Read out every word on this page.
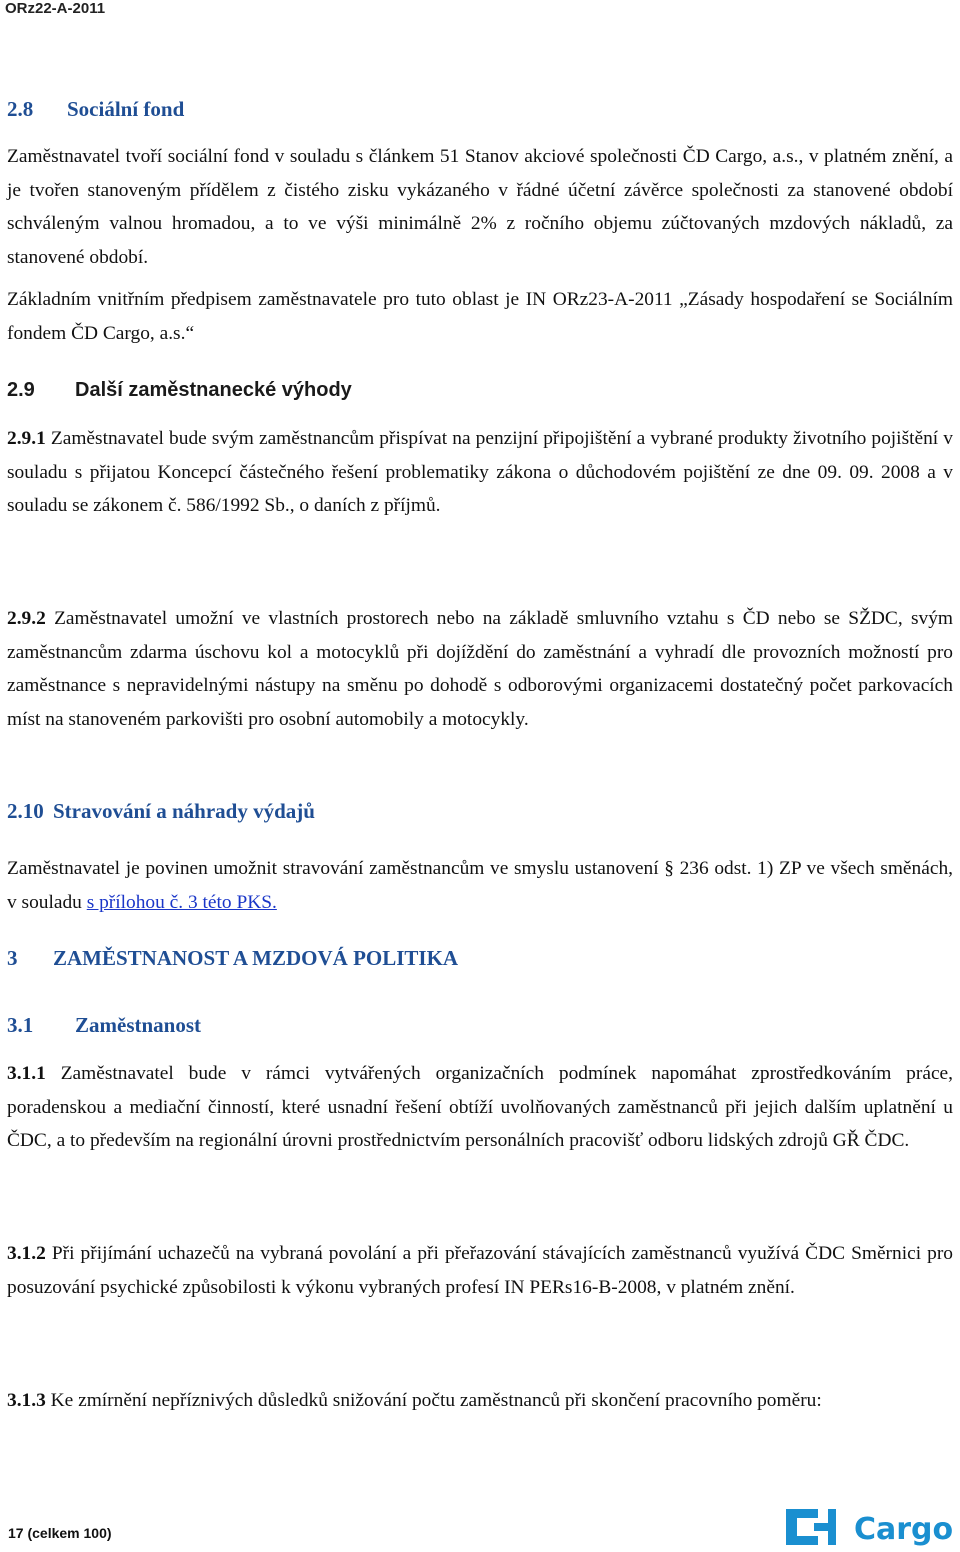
ORz22-A-2011
2.8 Sociální fond

Zaměstnavatel tvoří sociální fond v souladu s článkem 51 Stanov akciové společnosti ČD Cargo, a.s., v platném znění, a je tvořen stanoveným přídělem z čistého zisku vykázaného v řádné účetní závěrce společnosti za stanovené období schváleným valnou hromadou, a to ve výši minimálně 2% z ročního objemu zúčtovaných mzdových nákladů, za stanovené období.

Základním vnitřním předpisem zaměstnavatele pro tuto oblast je IN ORz23-A-2011 „Zásady hospodaření se Sociálním fondem ČD Cargo, a.s.“

2.9 Další zaměstnanecké výhody

2.9.1 Zaměstnavatel bude svým zaměstnancům přispívat na penzijní připojištění a vybrané produkty životního pojištění v souladu s přijatou Koncepcí částečného řešení problematiky zákona o důchodovém pojištění ze dne 09. 09. 2008 a v souladu se zákonem č. 586/1992 Sb., o daních z příjmů.

2.9.2 Zaměstnavatel umožní ve vlastních prostorech nebo na základě smluvního vztahu s ČD nebo se SŽDC, svým zaměstnancům zdarma úschovu kol a motocyklů při dojíždění do zaměstnání a vyhradí dle provozních možností pro zaměstnance s nepravidelnými nástupy na směnu po dohodě s odborovými organizacemi dostatečný počet parkovacích míst na stanoveném parkovišti pro osobní automobily a motocykly.

2.10 Stravování a náhrady výdajů

Zaměstnavatel je povinen umožnit stravování zaměstnancům ve smyslu ustanovení § 236 odst. 1) ZP ve všech směnách, v souladu s přílohou č. 3 této PKS.

3 ZAMĚSTNANOST A MZDOVÁ POLITIKA
3.1 Zaměstnanost

3.1.1 Zaměstnavatel bude v rámci vytvářených organizačních podmínek napomáhat zprostředkováním práce, poradenskou a mediační činností, které usnadní řešení obtíží uvolňovaných zaměstnanců při jejich dalším uplatnění u ČDC, a to především na regionální úrovni prostřednictvím personálních pracovišť odboru lidských zdrojů GŘ ČDC.

3.1.2 Při přijímání uchazečů na vybraná povolání a při přeřazování stávajících zaměstnanců využívá ČDC Směrnici pro posuzování psychické způsobilosti k výkonu vybraných profesí IN PERs16-B-2008, v platném znění.

3.1.3 Ke zmírnění nepříznivých důsledků snižování počtu zaměstnanců při skončení pracovního poměru:

17 (celkem 100)	Cargo
